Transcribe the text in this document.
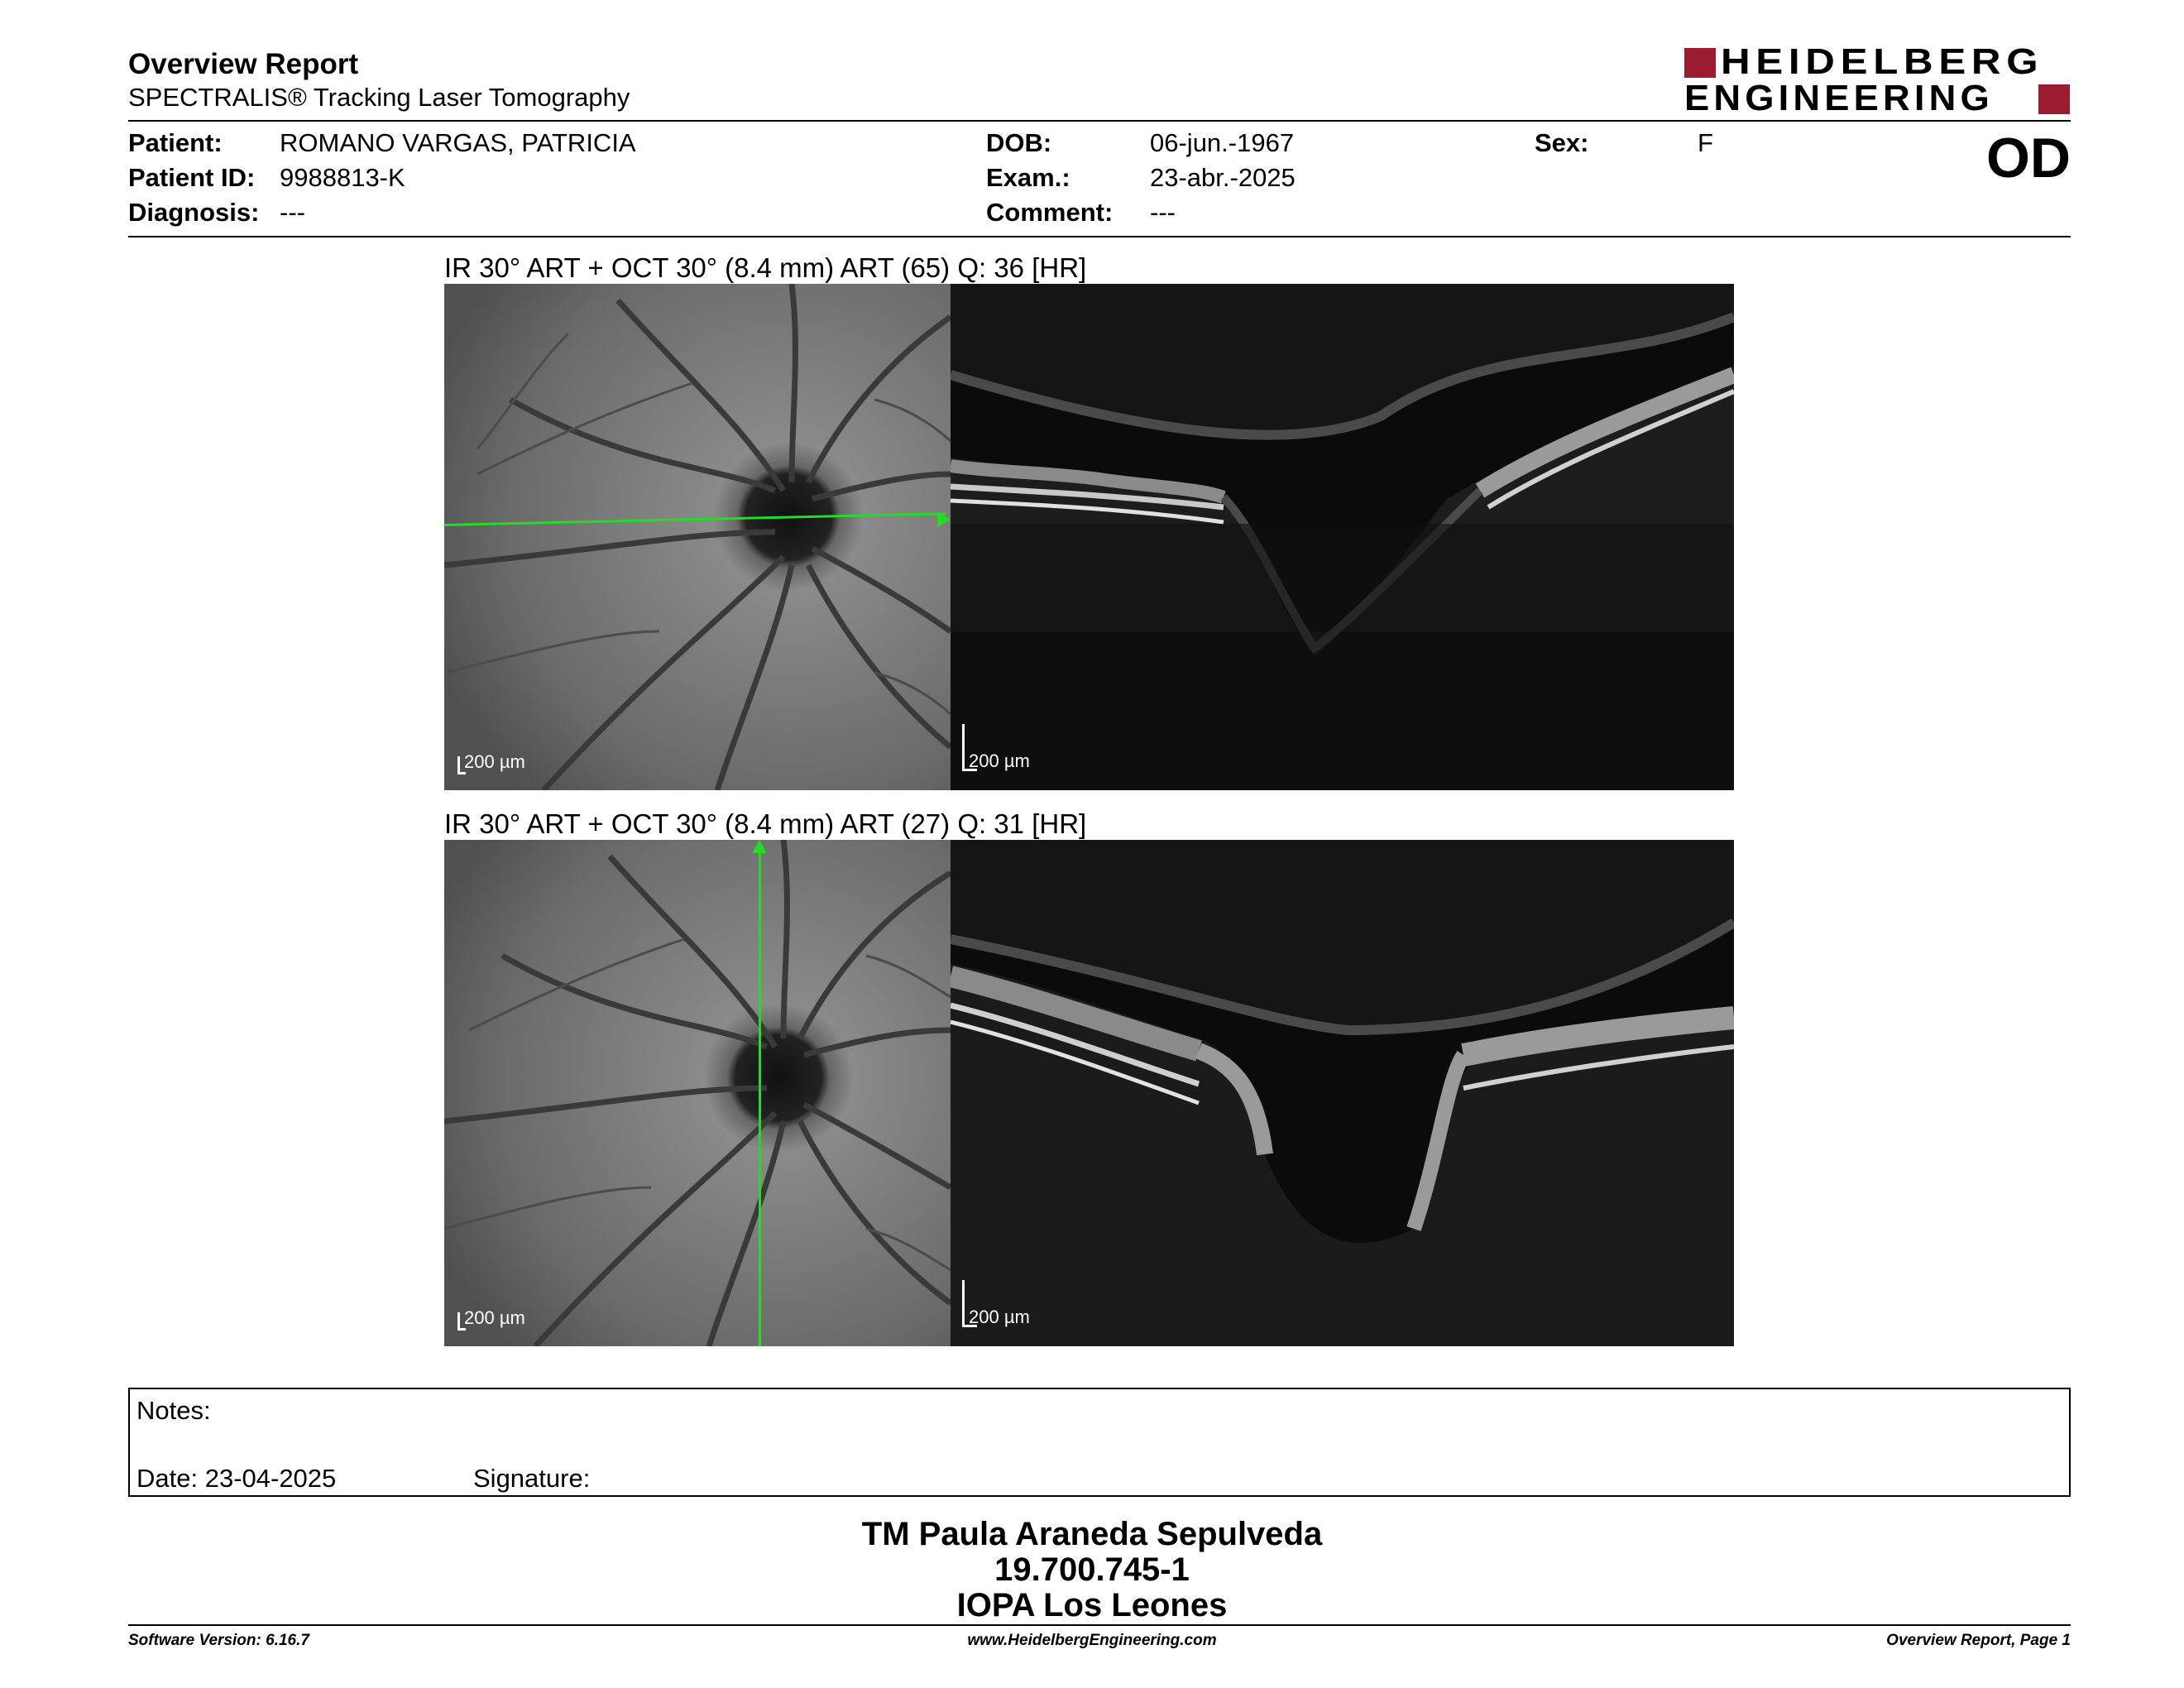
Overview Report
SPECTRALIS® Tracking Laser Tomography
HEIDELBERG
ENGINEERING
Patient: ROMANO VARGAS, PATRICIA
Patient ID: 9988813-K
Diagnosis: ---
DOB:	06-jun.-1967
Exam.:	23-abr.-2025
Comment: ---
Sex:	F	OD
IR 30° ART + OCT 30° (8.4 mm) ART (65) Q: 36 [HR]
200 µm	200 µm
IR 30° ART + OCT 30° (8.4 mm) ART (27) Q: 31 [HR]
200 µm	200 µm
Notes:
Date: 23-04-2025	Signature:
TM Paula Araneda Sepulveda
19.700.745-1
IOPA Los Leones
Software Version: 6.16.7	www.HeidelbergEngineering.com	Overview Report, Page 1
